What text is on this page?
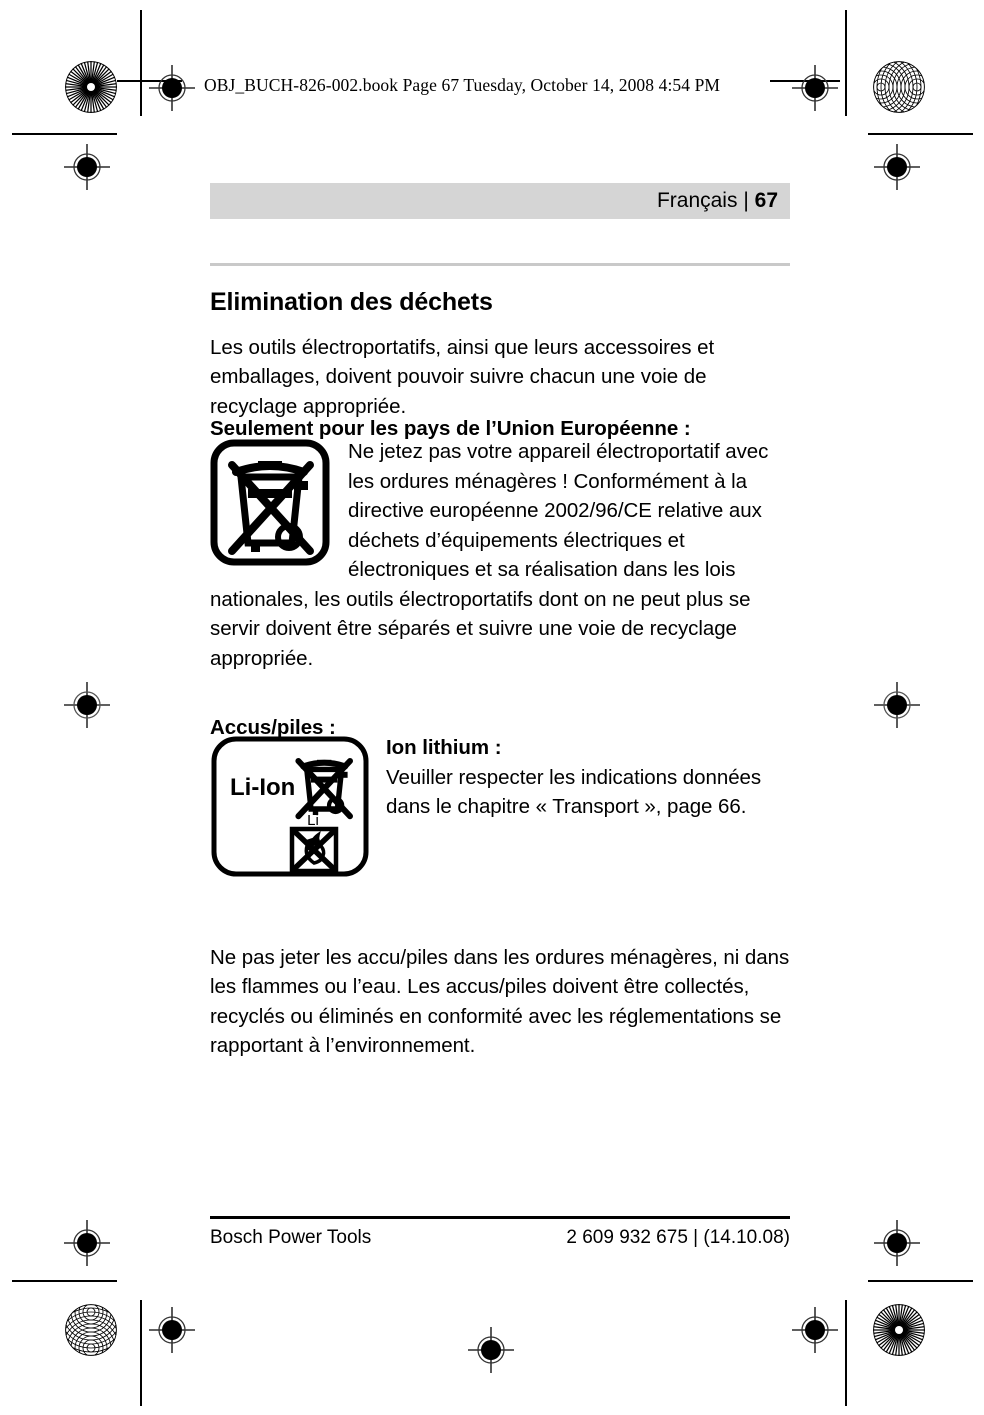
OBJ_BUCH-826-002.book Page 67 Tuesday, October 14, 2008 4:54 PM
Français | 67
Elimination des déchets

Les outils électroportatifs, ainsi que leurs accessoires et emballages, doivent pouvoir suivre chacun une voie de recyclage appropriée.

Seulement pour les pays de l’Union Européenne :

Ne jetez pas votre appareil électroportatif avec les ordures ménagères ! Conformément à la directive européenne 2002/96/CE relative aux déchets d’équipements électriques et électroniques et sa réalisation dans les lois nationales, les outils électroportatifs dont on ne peut plus se servir doivent être séparés et suivre une voie de recyclage appropriée.

Accus/piles :

Li-Ion
Li
Ion lithium :
Veuiller respecter les indications données dans le chapitre « Transport », page 66.

Ne pas jeter les accu/piles dans les ordures ménagères, ni dans les flammes ou l’eau. Les accus/piles doivent être collectés, recyclés ou éliminés en conformité avec les réglementations se rapportant à l’environnement.

Bosch Power Tools	2 609 932 675 | (14.10.08)
